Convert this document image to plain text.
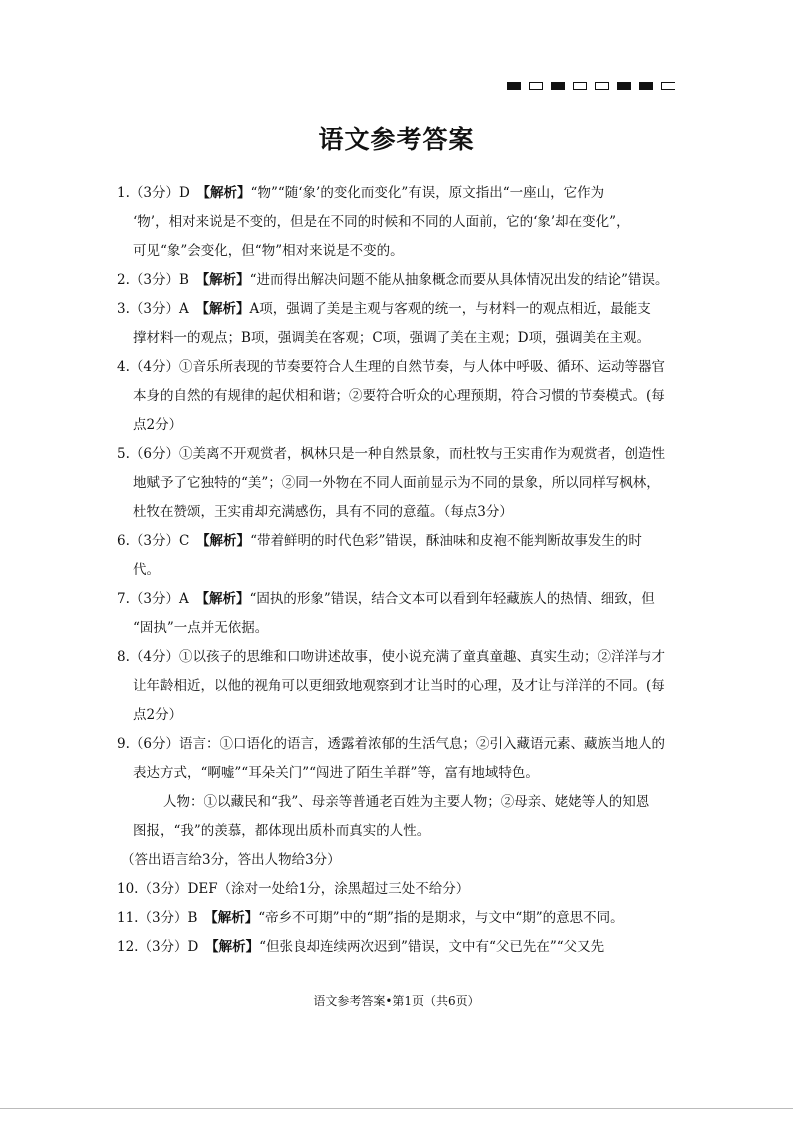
语文参考答案
1.（3分）D　【解析】“物”“随‘象’的变化而变化”有误，原文指出“一座山，它作为
‘物’，相对来说是不变的，但是在不同的时候和不同的人面前，它的‘象’却在变化”，
可见“象”会变化，但“物”相对来说是不变的。
2.（3分）B　【解析】“进而得出解决问题不能从抽象概念而要从具体情况出发的结论”错误。
3.（3分）A　【解析】A项，强调了美是主观与客观的统一，与材料一的观点相近，最能支
撑材料一的观点；B项，强调美在客观；C项，强调了美在主观；D项，强调美在主观。
4.（4分）①音乐所表现的节奏要符合人生理的自然节奏，与人体中呼吸、循环、运动等器官
本身的自然的有规律的起伏相和谐；②要符合听众的心理预期，符合习惯的节奏模式。(每
点2分）
5.（6分）①美离不开观赏者，枫林只是一种自然景象，而杜牧与王实甫作为观赏者，创造性
地赋予了它独特的“美”；②同一外物在不同人面前显示为不同的景象，所以同样写枫林，
杜牧在赞颂，王实甫却充满感伤，具有不同的意蕴。（每点3分）
6.（3分）C　【解析】“带着鲜明的时代色彩”错误，酥油味和皮袍不能判断故事发生的时
代。
7.（3分）A　【解析】“固执的形象”错误，结合文本可以看到年轻藏族人的热情、细致，但
“固执”一点并无依据。
8.（4分）①以孩子的思维和口吻讲述故事，使小说充满了童真童趣、真实生动；②洋洋与才
让年龄相近，以他的视角可以更细致地观察到才让当时的心理，及才让与洋洋的不同。(每
点2分）
9.（6分）语言：①口语化的语言，透露着浓郁的生活气息；②引入藏语元素、藏族当地人的
表达方式，“啊嘘”“耳朵关门”“闯进了陌生羊群”等，富有地域特色。
人物：①以藏民和“我”、母亲等普通老百姓为主要人物；②母亲、姥姥等人的知恩
图报，“我”的羡慕，都体现出质朴而真实的人性。
（答出语言给3分，答出人物给3分）
10.（3分）DEF（涂对一处给1分，涂黑超过三处不给分）
11.（3分）B　【解析】“帝乡不可期”中的“期”指的是期求，与文中“期”的意思不同。
12.（3分）D　【解析】“但张良却连续两次迟到”错误，文中有“父已先在”“父又先
语文参考答案•第1页（共6页）
